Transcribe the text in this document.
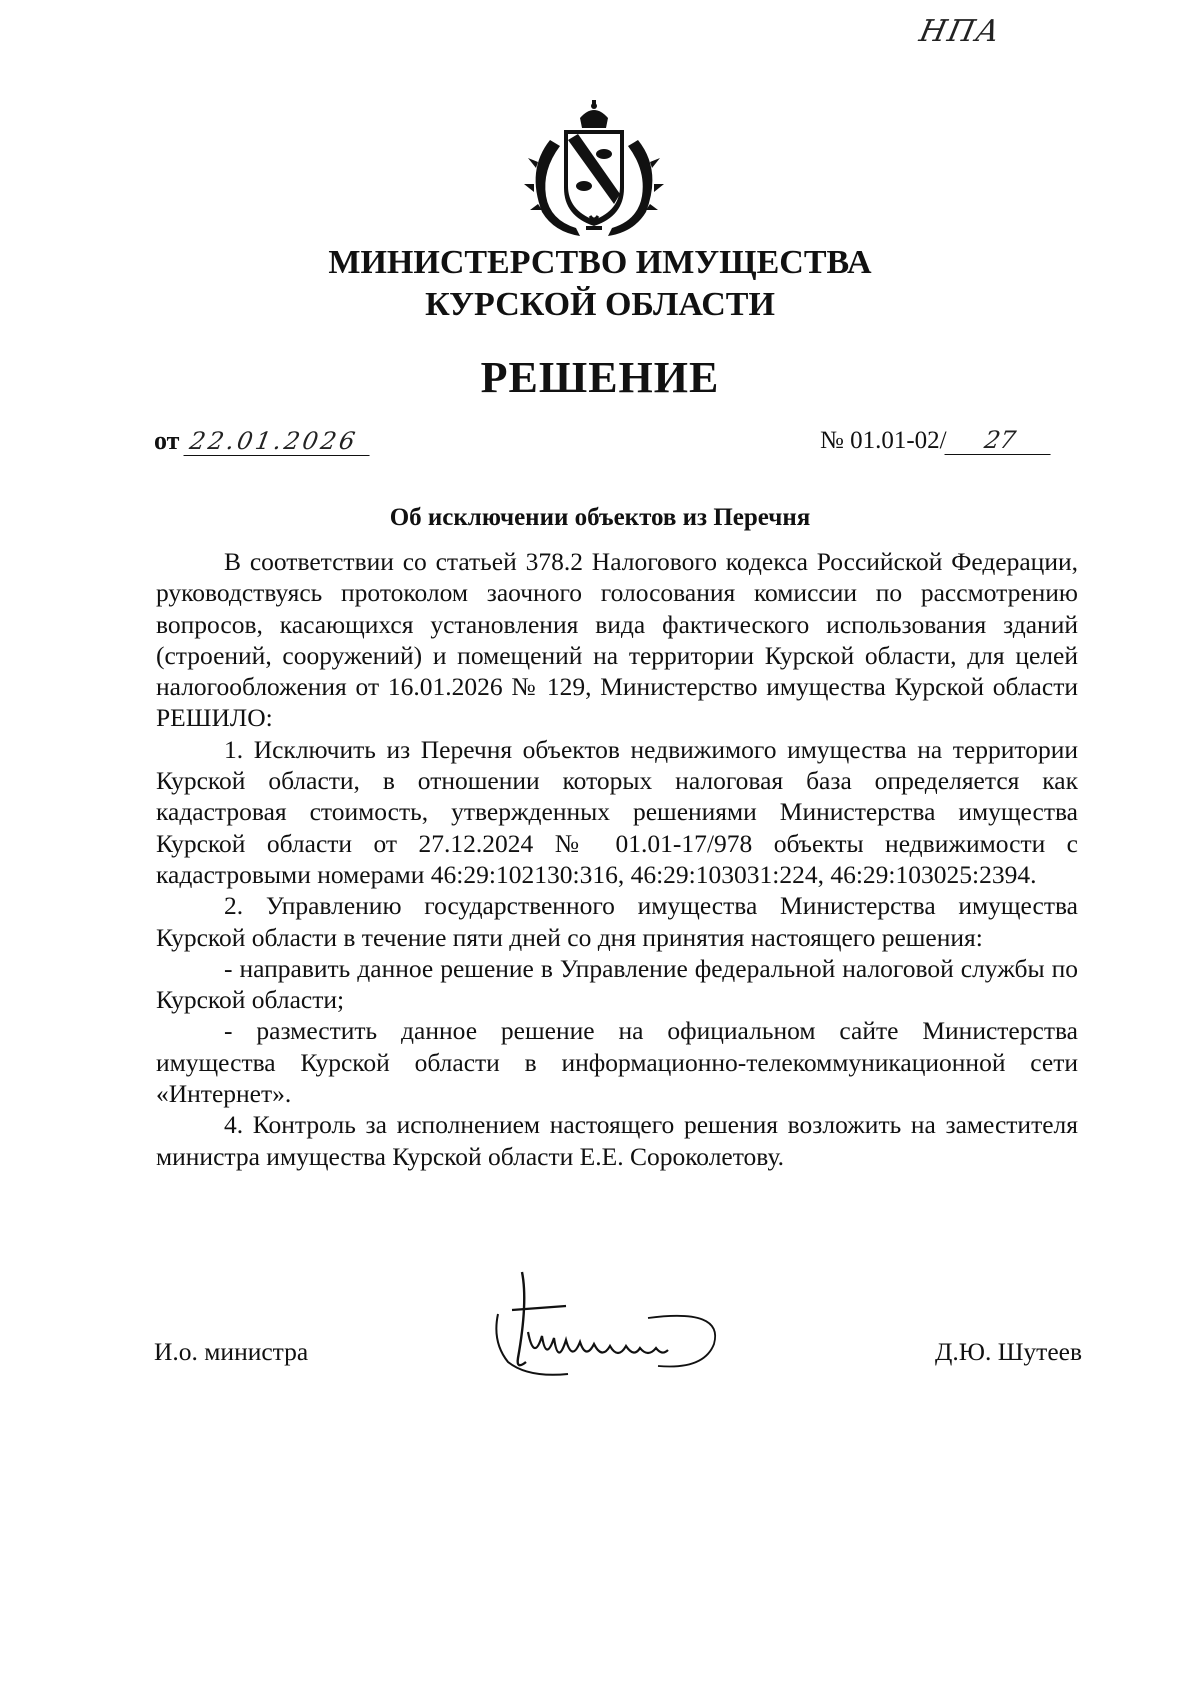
НПА
МИНИСТЕРСТВО ИМУЩЕСТВА
КУРСКОЙ ОБЛАСТИ
РЕШЕНИЕ
от 22.01.2026	№ 01.01-02/ 27
Об исключении объектов из Перечня

В соответствии со статьей 378.2 Налогового кодекса Российской Федерации, руководствуясь протоколом заочного голосования комиссии по рассмотрению вопросов, касающихся установления вида фактического использования зданий (строений, сооружений) и помещений на территории Курской области, для целей налогообложения от 16.01.2026 № 129, Министерство имущества Курской области РЕШИЛО:

1. Исключить из Перечня объектов недвижимого имущества на территории Курской области, в отношении которых налоговая база определяется как кадастровая стоимость, утвержденных решениями Министерства имущества Курской области от 27.12.2024 № 01.01-17/978 объекты недвижимости с кадастровыми номерами 46:29:102130:316, 46:29:103031:224, 46:29:103025:2394.

2. Управлению государственного имущества Министерства имущества Курской области в течение пяти дней со дня принятия настоящего решения:

- направить данное решение в Управление федеральной налоговой службы по Курской области;

- разместить данное решение на официальном сайте Министерства имущества Курской области в информационно-телекоммуникационной сети «Интернет».

4. Контроль за исполнением настоящего решения возложить на заместителя министра имущества Курской области Е.Е. Сороколетову.

И.о. министра	Д.Ю. Шутеев
